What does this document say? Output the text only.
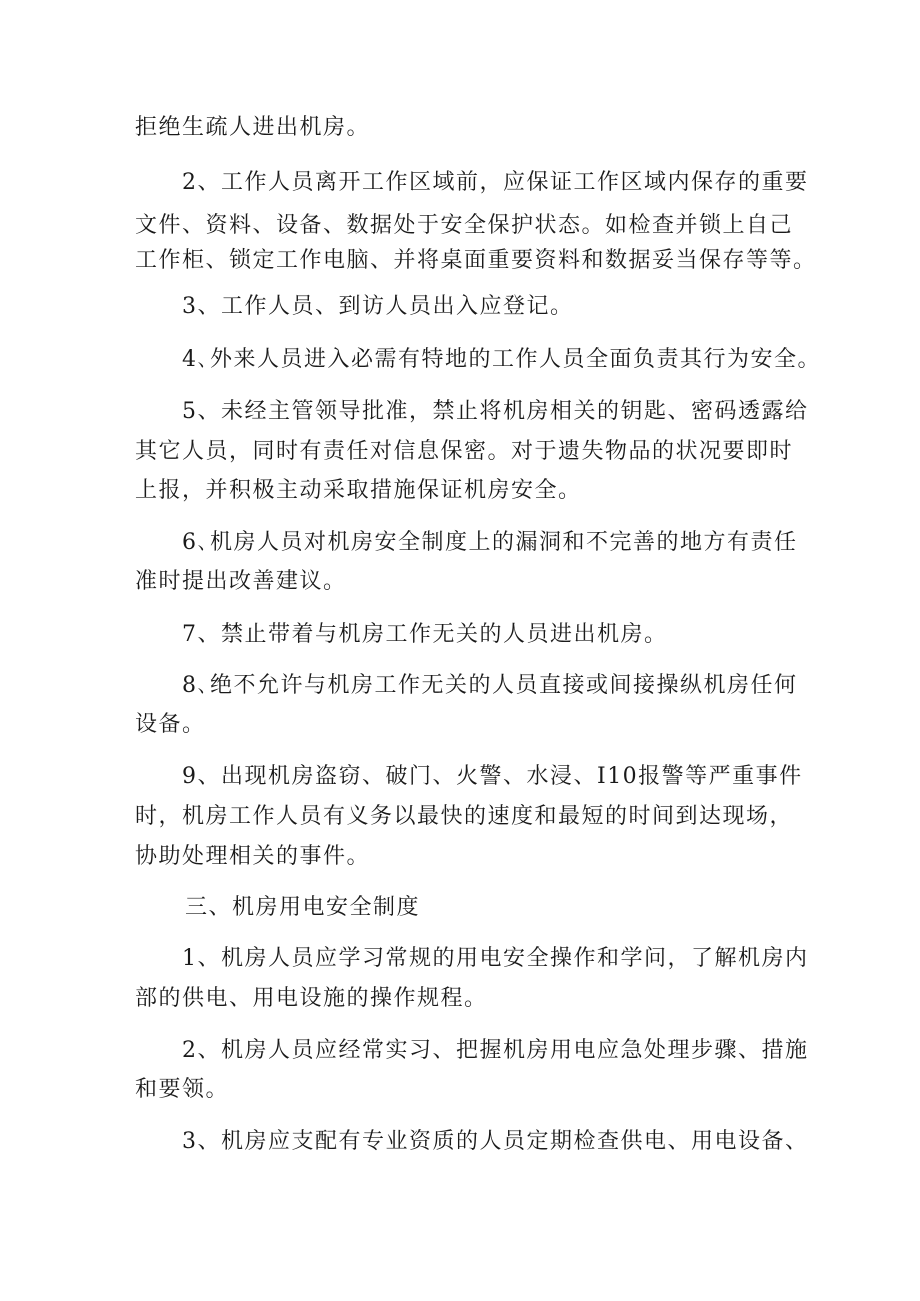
拒绝生疏人进出机房。
2、工作人员离开工作区域前，应保证工作区域内保存的重要
文件、资料、设备、数据处于安全保护状态。如检查并锁上自己
工作柜、锁定工作电脑、并将桌面重要资料和数据妥当保存等等。
3、工作人员、到访人员出入应登记。
4､外来人员进入必需有特地的工作人员全面负责其行为安全。
5、未经主管领导批准，禁止将机房相关的钥匙、密码透露给
其它人员，同时有责任对信息保密。对于遗失物品的状况要即时
上报，并积极主动采取措施保证机房安全。
6､机房人员对机房安全制度上的漏洞和不完善的地方有责任
准时提出改善建议。
7、禁止带着与机房工作无关的人员进出机房。
8､绝不允许与机房工作无关的人员直接或间接操纵机房任何
设备。
9、出现机房盗窃、破门、火警、水浸、I10报警等严重事件
时，机房工作人员有义务以最快的速度和最短的时间到达现场，
协助处理相关的事件。
三、机房用电安全制度
1、机房人员应学习常规的用电安全操作和学问，了解机房内
部的供电、用电设施的操作规程。
2、机房人员应经常实习、把握机房用电应急处理步骤、措施
和要领。
3、机房应支配有专业资质的人员定期检查供电、用电设备、
